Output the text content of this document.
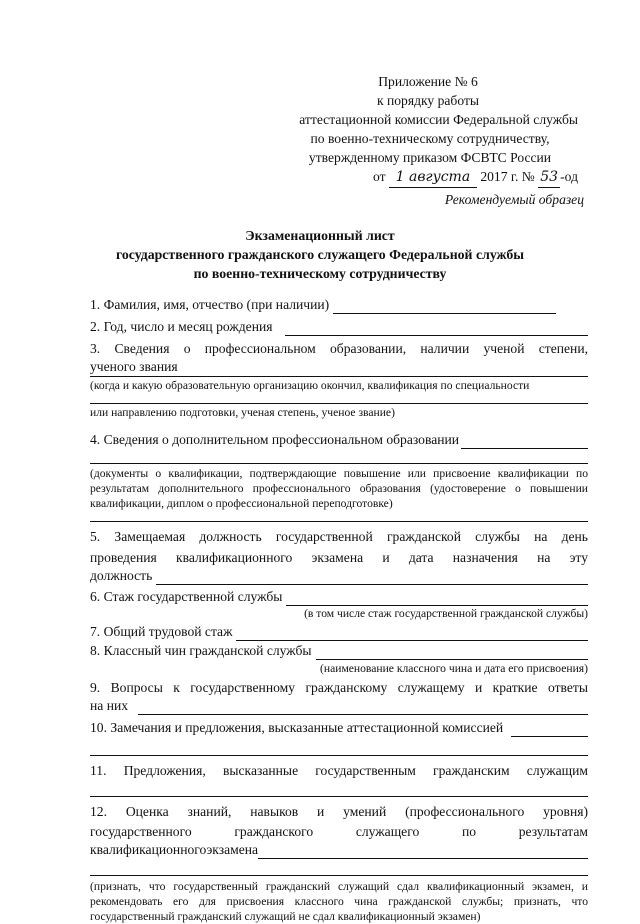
Приложение № 6
к порядку работы
аттестационной комиссии Федеральной службы
по военно-техническому сотрудничеству,
утвержденному приказом ФСВТС России
от 1 августа 2017 г. № 53 -од
Рекомендуемый образец
Экзаменационный лист
государственного гражданского служащего Федеральной службы
по военно-техническому сотрудничеству
1. Фамилия, имя, отчество (при наличии)
2. Год, число и месяц рождения
3. Сведения о профессиональном образовании, наличии ученой степени,
ученого звания
(когда и какую образовательную организацию окончил, квалификация по специальности
или направлению подготовки, ученая степень, ученое звание)
4. Сведения о дополнительном профессиональном образовании
(документы о квалификации, подтверждающие повышение или присвоение квалификации по результатам дополнительного профессионального образования (удостоверение о повышении квалификации, диплом о профессиональной переподготовке)
5. Замещаемая должность государственной гражданской службы на день
проведения квалификационного экзамена и дата назначения на эту
должность
6. Стаж государственной службы
(в том числе стаж государственной гражданской службы)
7. Общий трудовой стаж
8. Классный чин гражданской службы
(наименование классного чина и дата его присвоения)
9. Вопросы к государственному гражданскому служащему и краткие ответы
на них
10. Замечания и предложения, высказанные аттестационной комиссией
11. Предложения, высказанные государственным гражданским служащим
12. Оценка знаний, навыков и умений (профессионального уровня)
государственного гражданского служащего по результатам
квалификационногоэкзамена
(признать, что государственный гражданский служащий сдал квалификационный экзамен, и рекомендовать его для присвоения классного чина гражданской службы; признать, что государственный гражданский служащий не сдал квалификационный экзамен)
